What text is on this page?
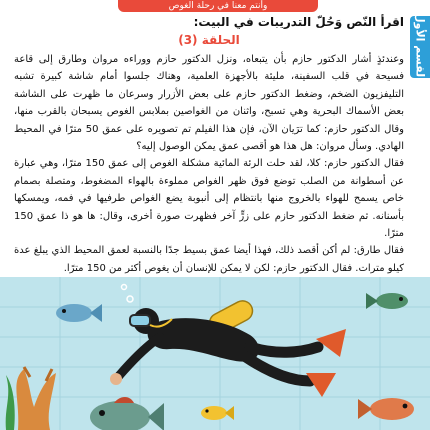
وأنتم معنا في رحلة الغوص
القسم الأول
اقرأ النّص وَحُلّ التدريبات في البيت:
الحلقة (3)

وعندئذٍ أشار الدكتور حازم بأن يتبعاه، ونزل الدكتور حازم ووراءه مروان وطارق إلى قاعة فسيحة في قلب السفينة، مليئة بالأجهزة العلمية، وهناك جلسوا أمام شاشة كبيرة تشبه التليفزيون الضخم، وضغط الدكتور حازم على بعض الأزرار وسرعان ما ظهرت على الشاشة بعض الأسماك البحرية وهي تسبح، واثنان من الغواصين بملابس الغوص يسبحان بالقرب منها، وقال الدكتور حازم: كما ترَيان الآن، فإن هذا الفيلم تم تصويره على عمق 50 مترًا في المحيط الهادي. وسأل مروان: هل هذا هو أقصى عمق يمكن الوصول إليه؟

فقال الدكتور حازم: كلا، لقد حلت الرئة المائية مشكلة الغوص إلى عمق 150 مترًا، وهي عبارة عن أسطوانة من الصلب توضع فوق ظهر الغواص مملوءة بالهواء المضغوط، ومتصلة بصمام خاص يسمح للهواء بالخروج منها بانتظام إلى أنبوبة يضع الغواص طرفيها في فمه، ويمسكها بأسنانه. ثم ضغط الدكتور حازم على زرٍّ آخر فظهرت صورة أخرى، وقال: ها هو ذا عمق 150 مترًا.

فقال طارق: لم أكن أقصد ذلك، فهذا أيضا عمق بسيط جدًا بالنسبة لعمق المحيط الذي يبلغ عدة كيلو مترات. فقال الدكتور حازم: لكن لا يمكن للإنسان أن يغوص أكثر من 150 مترًا.
